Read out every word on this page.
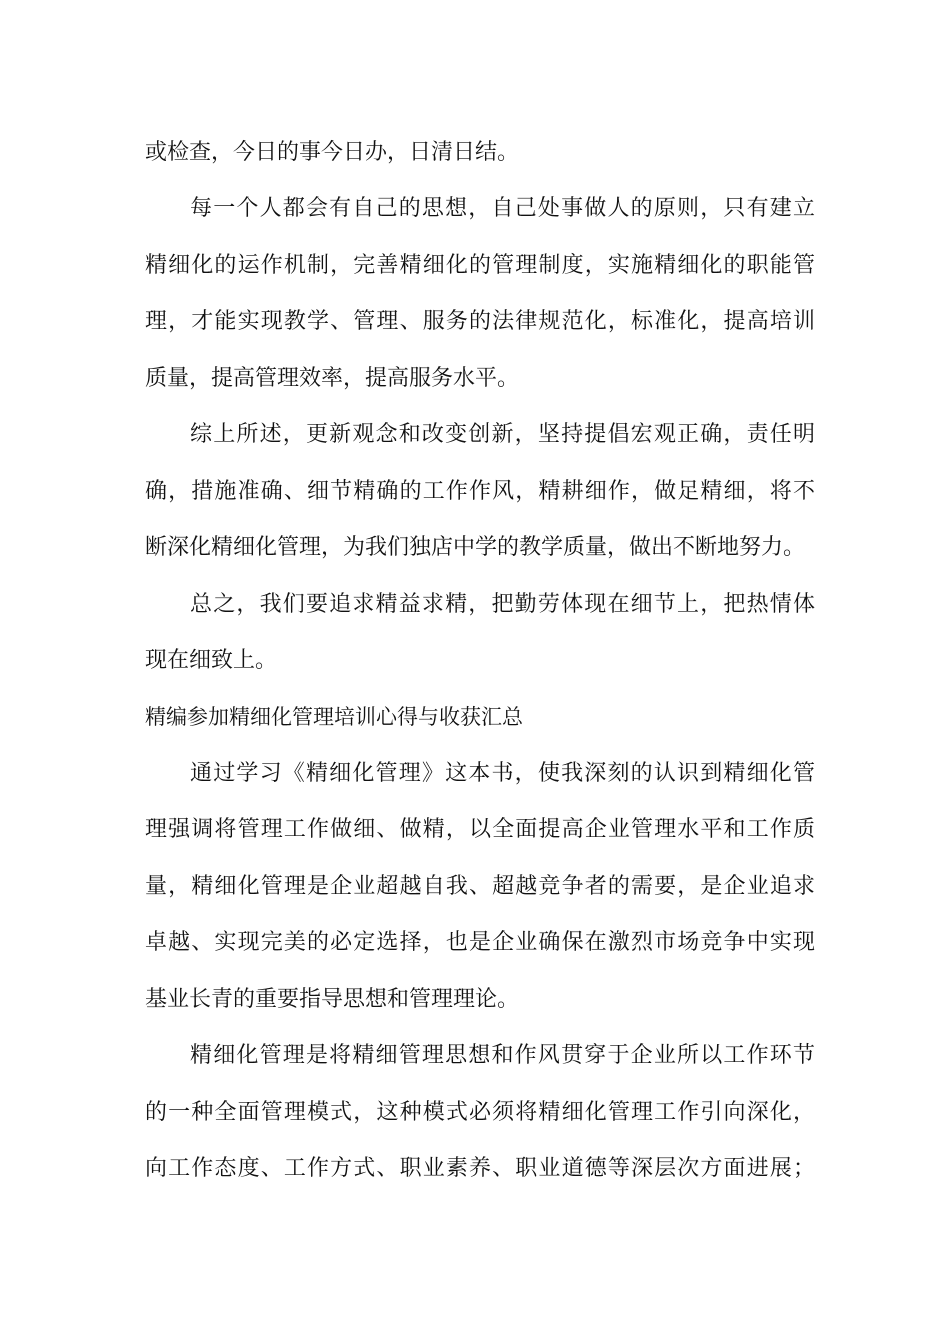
或检查，今日的事今日办，日清日结。
每一个人都会有自己的思想，自己处事做人的原则，只有建立
精细化的运作机制，完善精细化的管理制度，实施精细化的职能管
理，才能实现教学、管理、服务的法律规范化，标准化，提高培训
质量，提高管理效率，提高服务水平。
综上所述，更新观念和改变创新，坚持提倡宏观正确，责任明
确，措施准确、细节精确的工作作风，精耕细作，做足精细，将不
断深化精细化管理，为我们独店中学的教学质量，做出不断地努力。
总之，我们要追求精益求精，把勤劳体现在细节上，把热情体
现在细致上。
精编参加精细化管理培训心得与收获汇总
通过学习《精细化管理》这本书，使我深刻的认识到精细化管
理强调将管理工作做细、做精，以全面提高企业管理水平和工作质
量，精细化管理是企业超越自我、超越竞争者的需要，是企业追求
卓越、实现完美的必定选择，也是企业确保在激烈市场竞争中实现
基业长青的重要指导思想和管理理论。
精细化管理是将精细管理思想和作风贯穿于企业所以工作环节
的一种全面管理模式，这种模式必须将精细化管理工作引向深化，
向工作态度、工作方式、职业素养、职业道德等深层次方面进展；
